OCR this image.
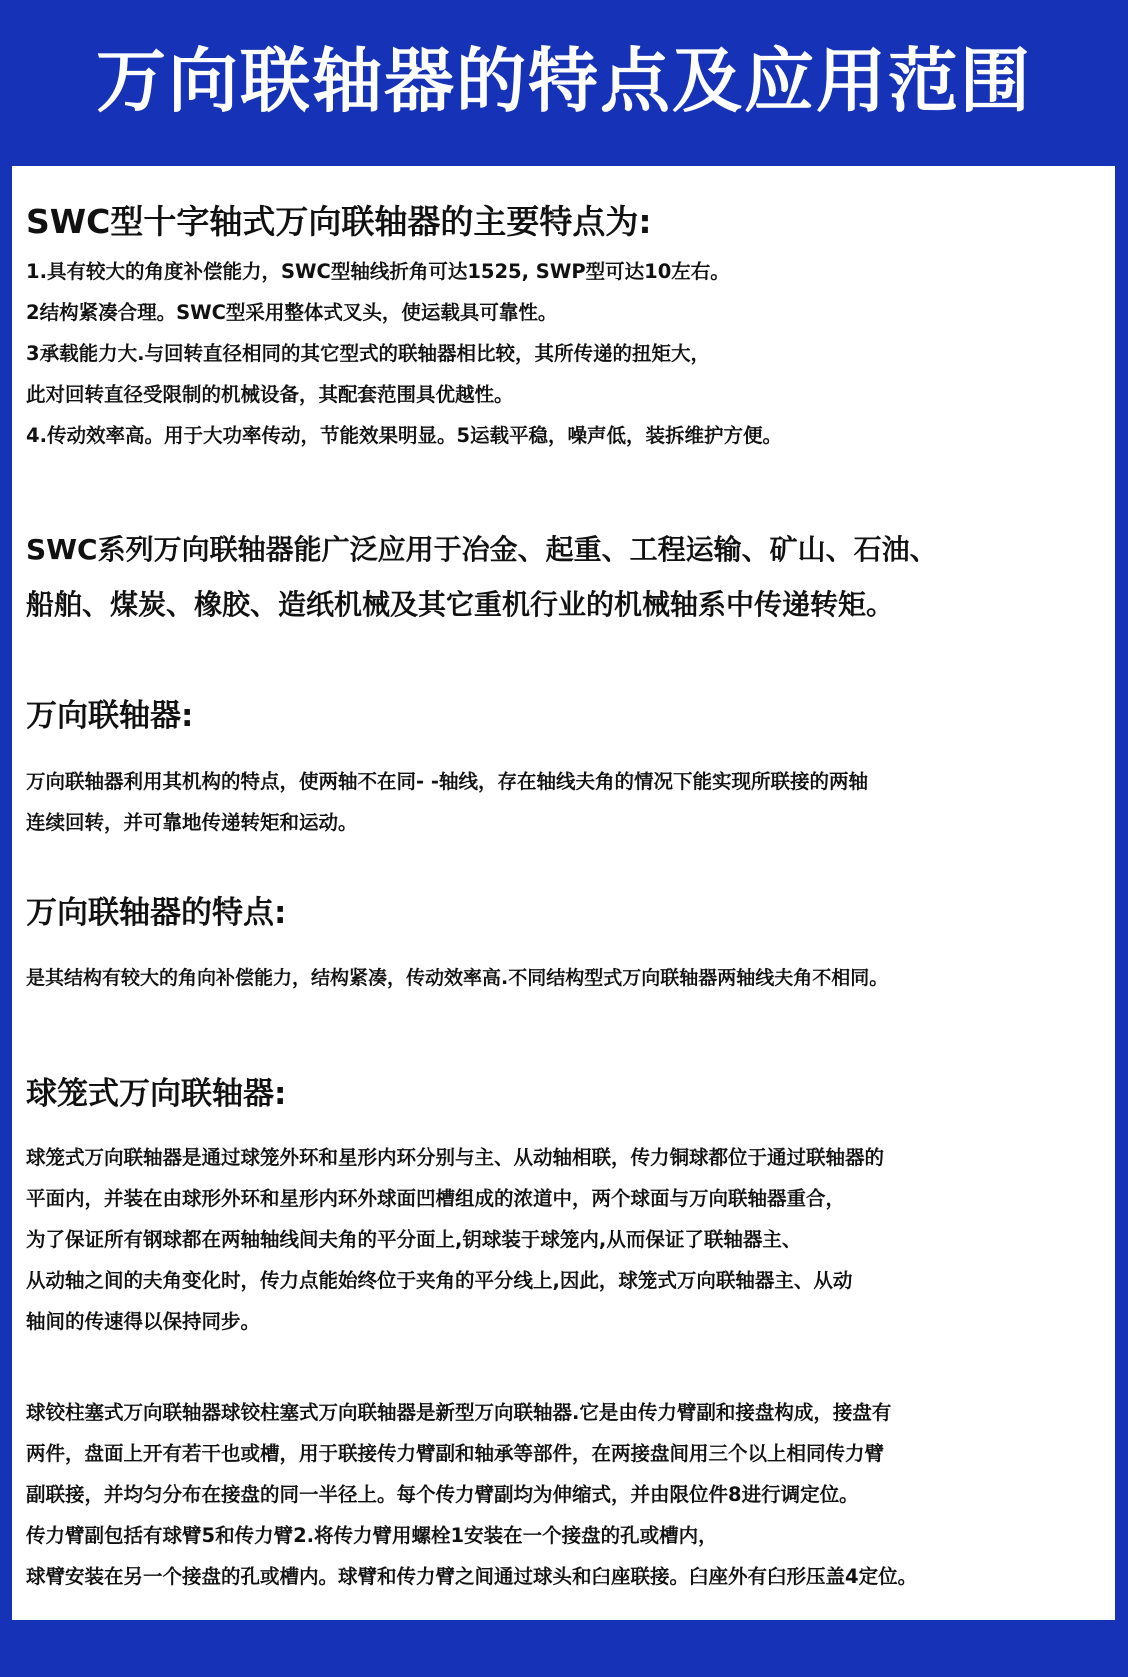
万向联轴器的特点及应用范围
SWC型十字轴式万向联轴器的主要特点为:
1.具有较大的角度补偿能力，SWC型轴线折角可达1525, SWP型可达10左右。
2结构紧凑合理。SWC型采用整体式叉头，使运载具可靠性。
3承载能力大.与回转直径相同的其它型式的联轴器相比较，其所传递的扭矩大，
此对回转直径受限制的机械设备，其配套范围具优越性。
4.传动效率高。用于大功率传动，节能效果明显。5运载平稳，噪声低，装拆维护方便。
SWC系列万向联轴器能广泛应用于冶金、起重、工程运输、矿山、石油、
船舶、煤炭、橡胶、造纸机械及其它重机行业的机械轴系中传递转矩。
万向联轴器:
万向联轴器利用其机构的特点，使两轴不在同- -轴线，存在轴线夫角的情况下能实现所联接的两轴
连续回转，并可靠地传递转矩和运动。
万向联轴器的特点:
是其结构有较大的角向补偿能力，结构紧凑，传动效率高.不同结构型式万向联轴器两轴线夫角不相同。
球笼式万向联轴器:
球笼式万向联轴器是通过球笼外环和星形内环分别与主、从动轴相联，传力铜球都位于通过联轴器的
平面内，并装在由球形外环和星形内环外球面凹槽组成的浓道中，两个球面与万向联轴器重合，
为了保证所有钢球都在两轴轴线间夫角的平分面上,钥球装于球笼内,从而保证了联轴器主、
从动轴之间的夫角变化时，传力点能始终位于夹角的平分线上,因此，球笼式万向联轴器主、从动
轴间的传速得以保持同步。
球铰柱塞式万向联轴器球铰柱塞式万向联轴器是新型万向联轴器.它是由传力臂副和接盘构成，接盘有
两件，盘面上开有若干也或槽，用于联接传力臂副和轴承等部件，在两接盘间用三个以上相同传力臂
副联接，并均匀分布在接盘的同一半径上。每个传力臂副均为伸缩式，并由限位件8进行调定位。
传力臂副包括有球臂5和传力臂2.将传力臂用螺栓1安装在一个接盘的孔或槽内，
球臂安装在另一个接盘的孔或槽内。球臂和传力臂之间通过球头和臼座联接。臼座外有臼形压盖4定位。
